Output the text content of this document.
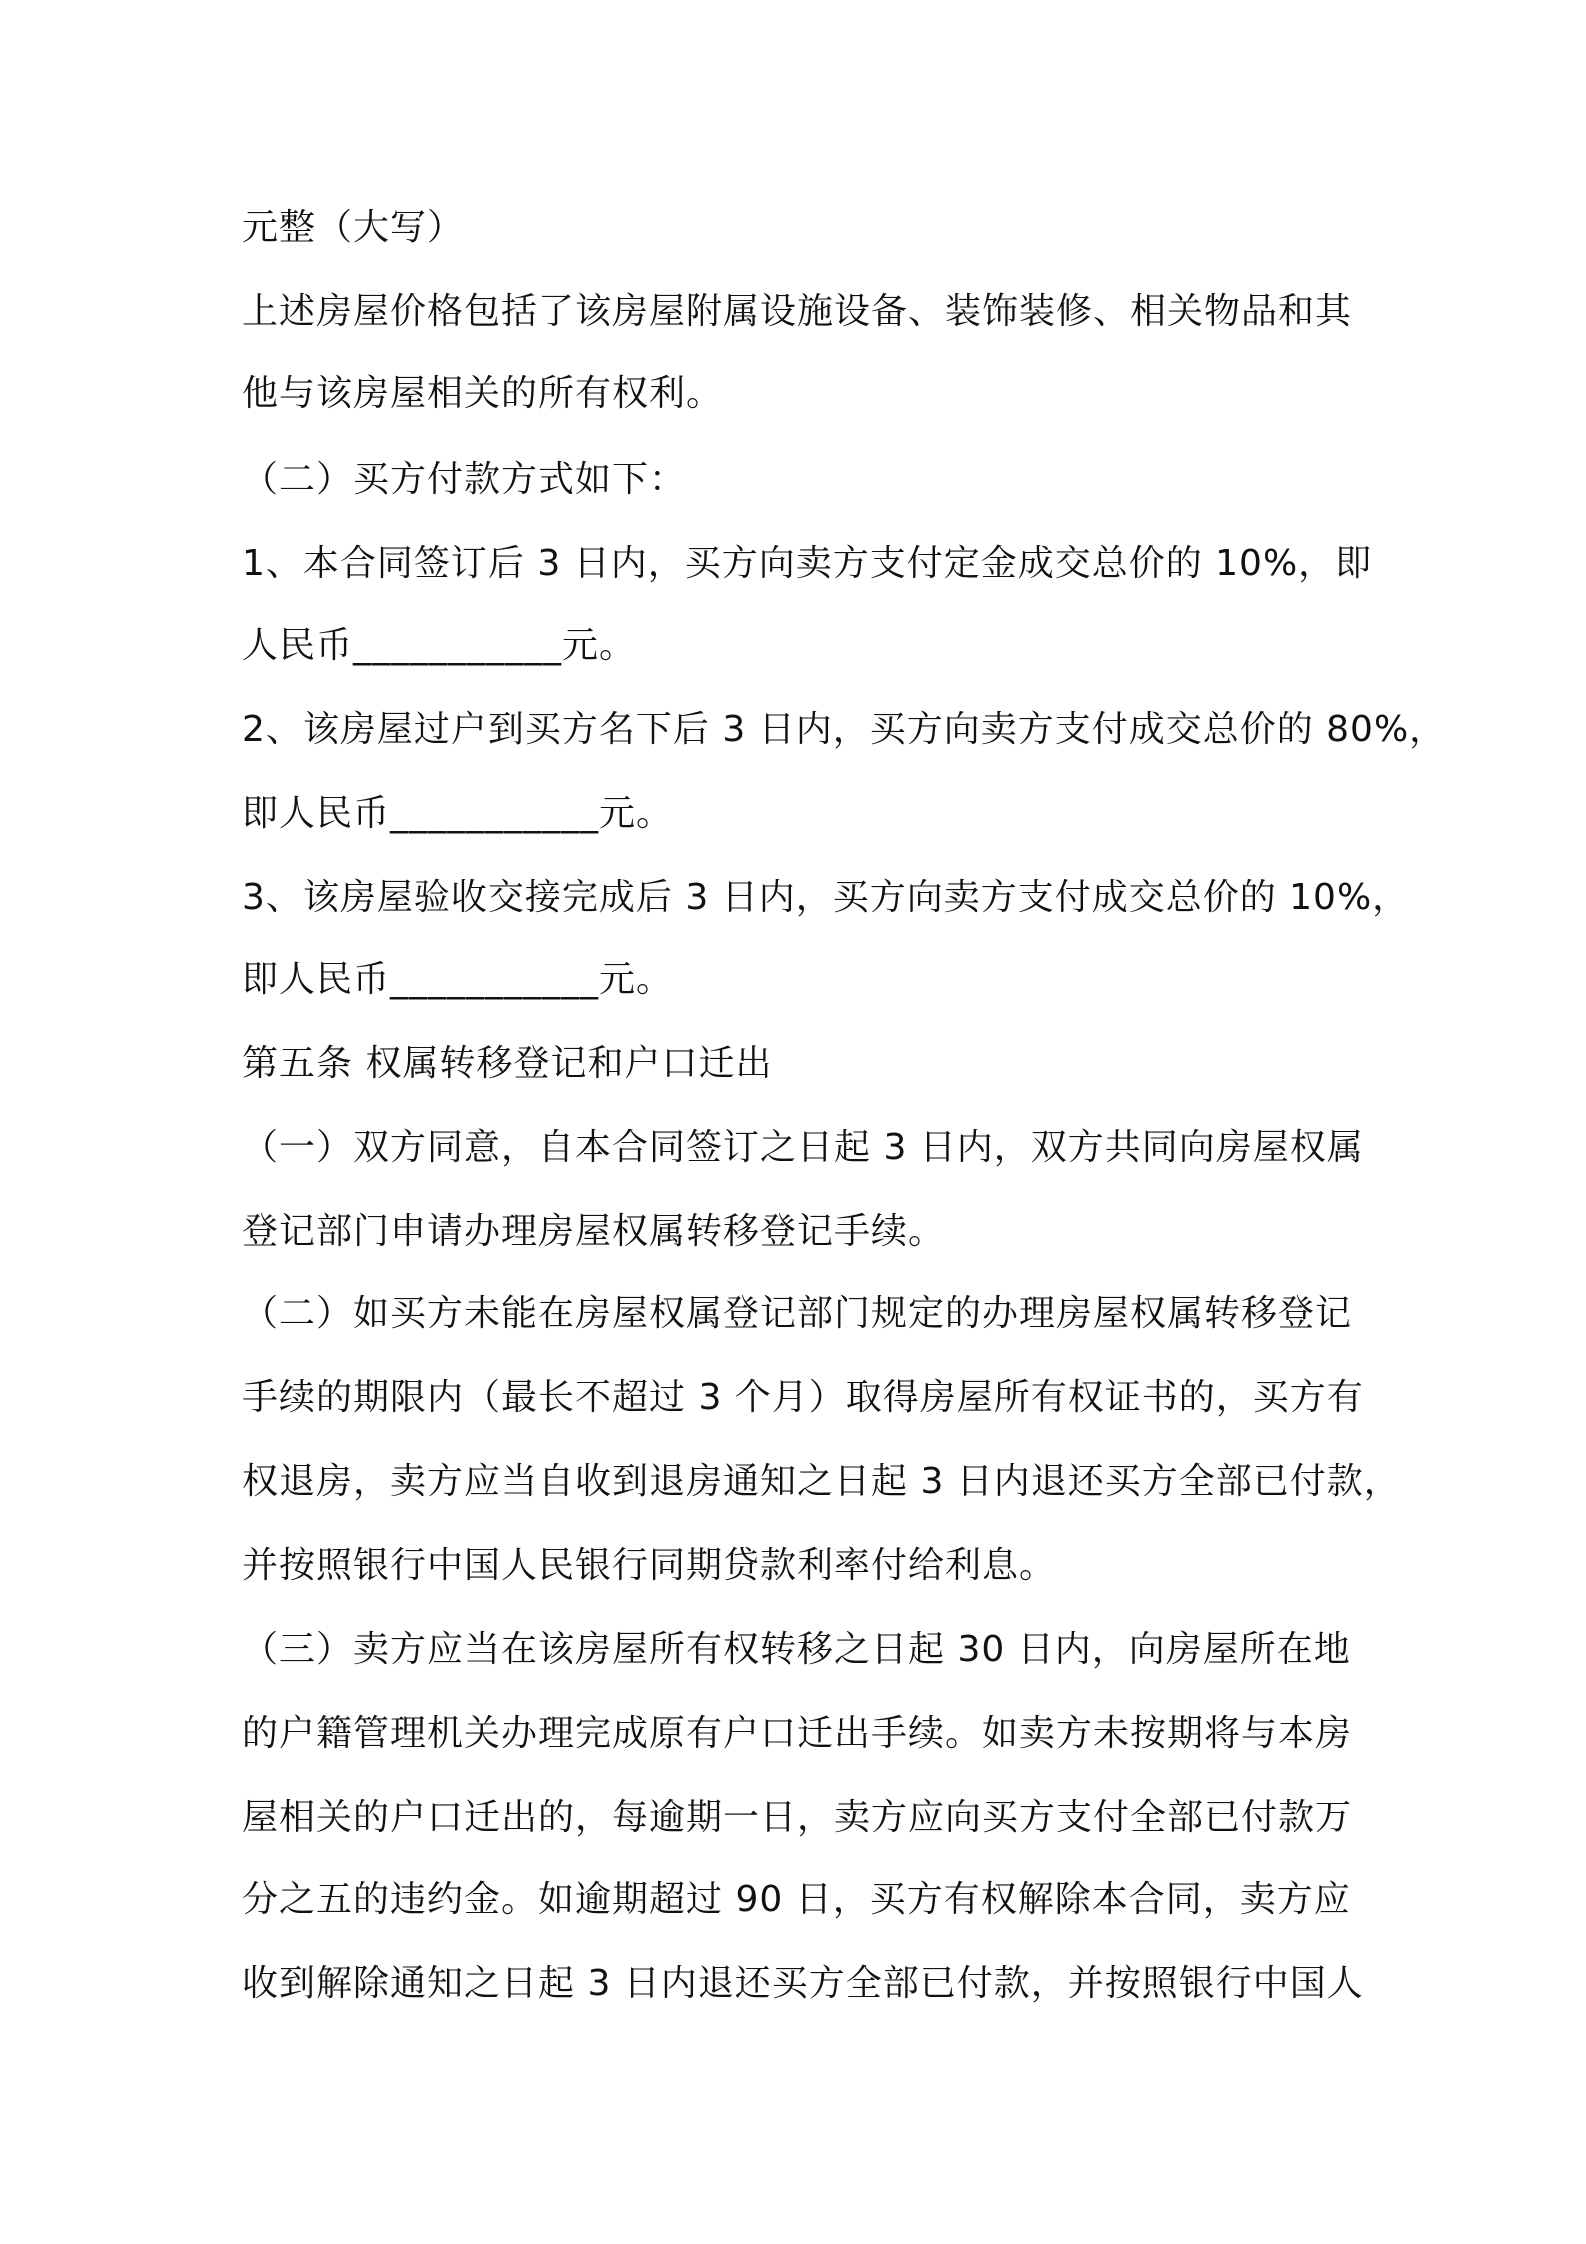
元整（大写）
上述房屋价格包括了该房屋附属设施设备、装饰装修、相关物品和其
他与该房屋相关的所有权利。
（二）买方付款方式如下：
1、本合同签订后 3 日内，买方向卖方支付定金成交总价的 10%，即
人民币___________元。
2、该房屋过户到买方名下后 3 日内，买方向卖方支付成交总价的 80%，
即人民币___________元。
3、该房屋验收交接完成后 3 日内，买方向卖方支付成交总价的 10%，
即人民币___________元。
第五条 权属转移登记和户口迁出
（一）双方同意，自本合同签订之日起 3 日内，双方共同向房屋权属
登记部门申请办理房屋权属转移登记手续。
（二）如买方未能在房屋权属登记部门规定的办理房屋权属转移登记
手续的期限内（最长不超过 3 个月）取得房屋所有权证书的，买方有
权退房，卖方应当自收到退房通知之日起 3 日内退还买方全部已付款，
并按照银行中国人民银行同期贷款利率付给利息。
（三）卖方应当在该房屋所有权转移之日起 30 日内，向房屋所在地
的户籍管理机关办理完成原有户口迁出手续。如卖方未按期将与本房
屋相关的户口迁出的，每逾期一日，卖方应向买方支付全部已付款万
分之五的违约金。如逾期超过 90 日，买方有权解除本合同，卖方应
收到解除通知之日起 3 日内退还买方全部已付款，并按照银行中国人
